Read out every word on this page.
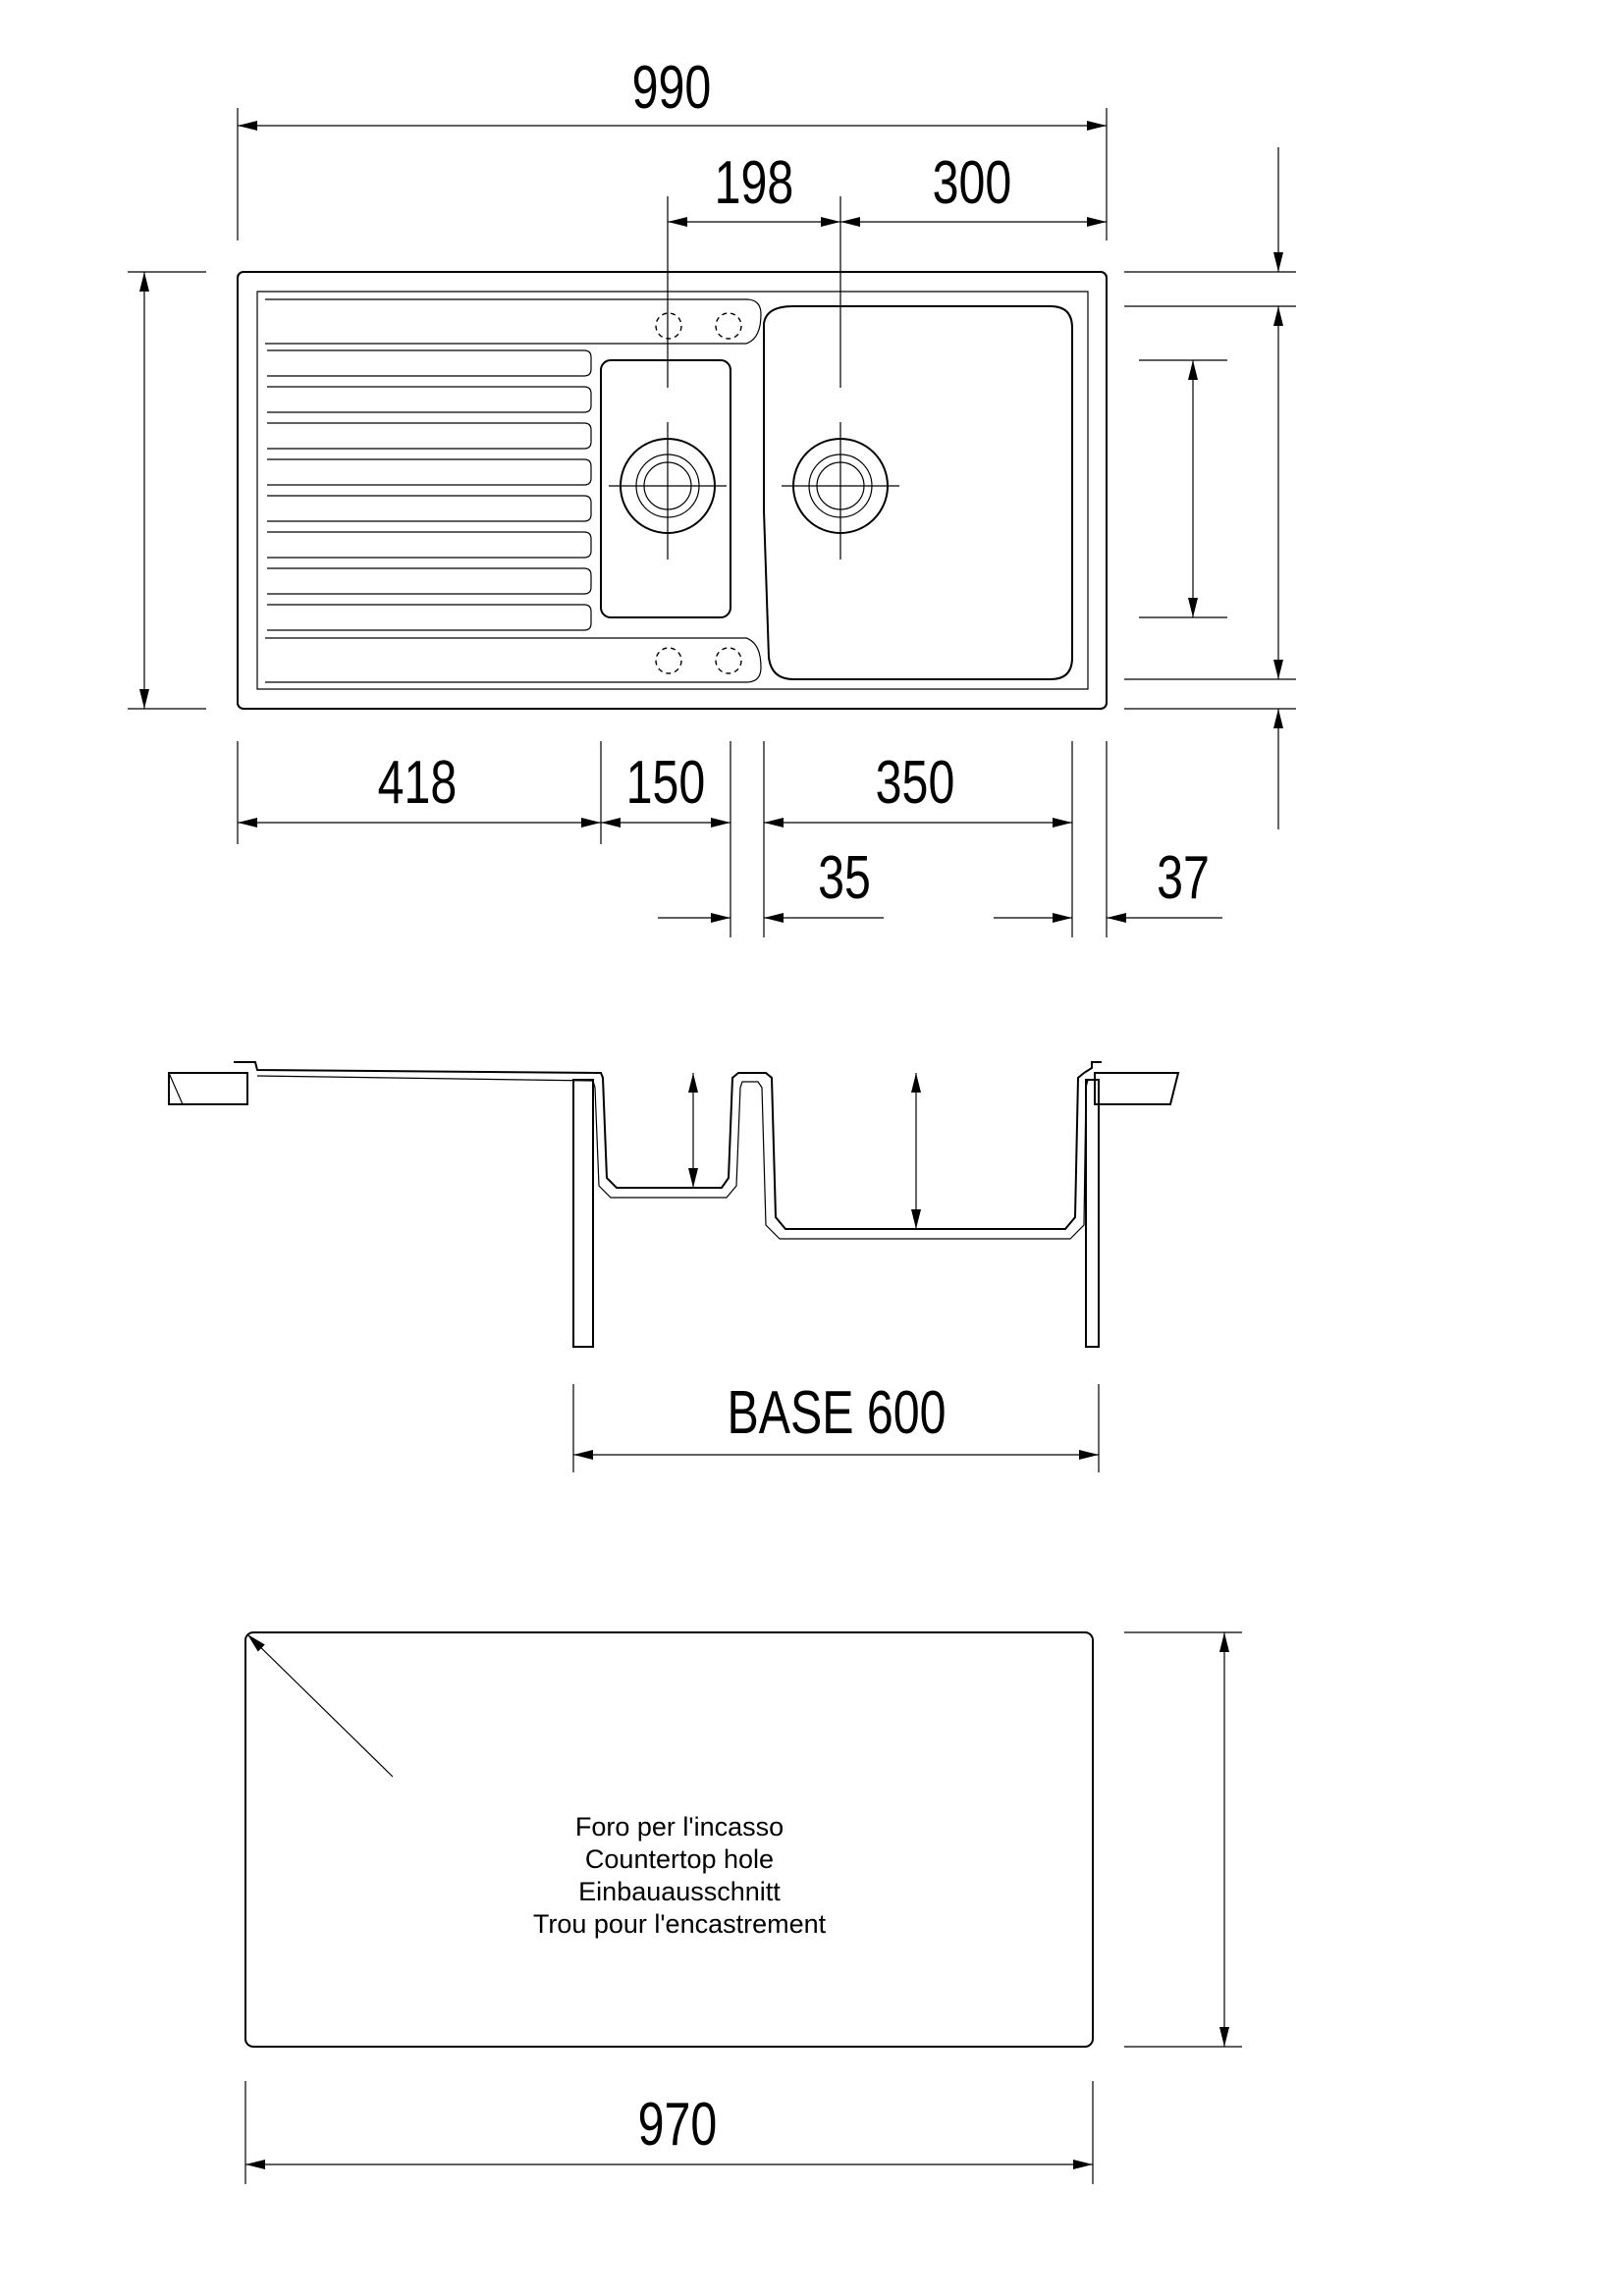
990
198 300
418	150	350
35	37
BASE 600
Foro per l'incasso
Countertop hole
Einbauausschnitt
Trou pour l'encastrement
970
